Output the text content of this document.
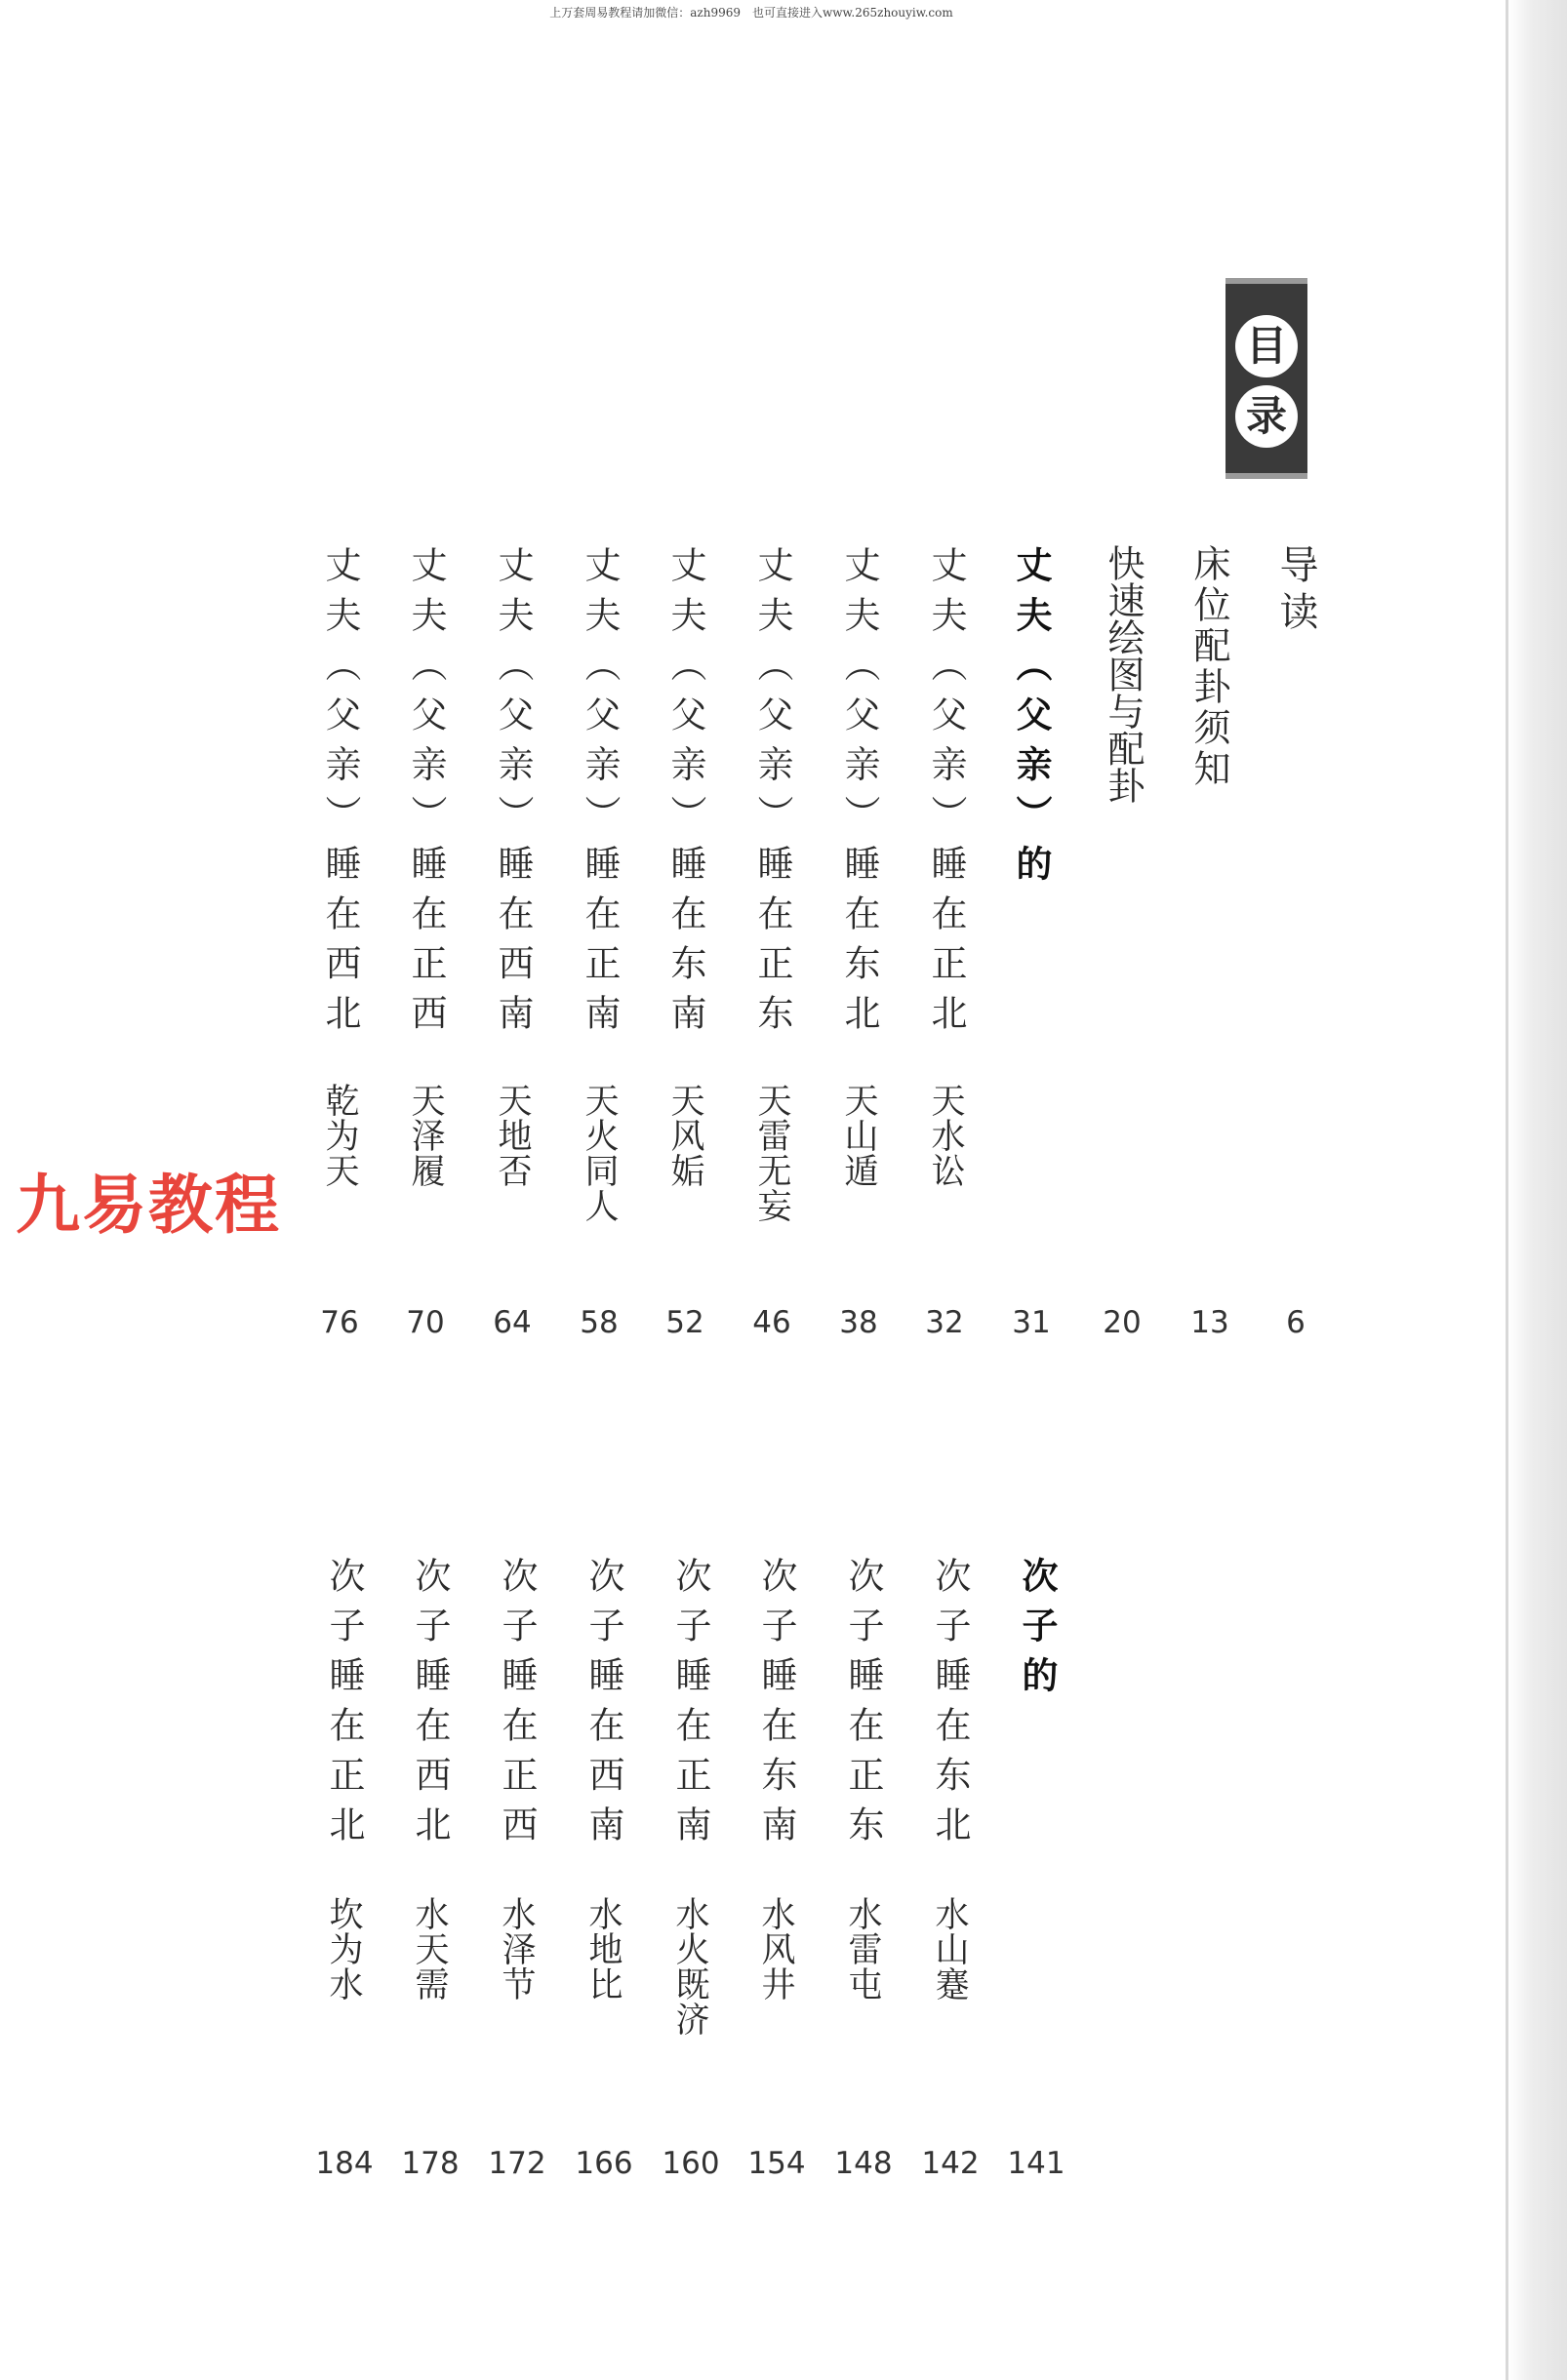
上万套周易教程请加微信：azh9969 也可直接进入www.265zhouyiw.com
目
录
导读
6
床位配卦须知
13
快速绘图与配卦
20
丈夫（父亲）的
31
丈夫（父亲）睡在正北
天水讼
32
丈夫（父亲）睡在东北
天山遁
38
丈夫（父亲）睡在正东
天雷无妄
46
丈夫（父亲）睡在东南
天风姤
52
丈夫（父亲）睡在正南
天火同人
58
丈夫（父亲）睡在西南
天地否
64
丈夫（父亲）睡在正西
天泽履
70
丈夫（父亲）睡在西北
乾为天
76
九易教程
次子的
141
次子睡在东北
水山蹇
142
次子睡在正东
水雷屯
148
次子睡在东南
水风井
154
次子睡在正南
水火既济
160
次子睡在西南
水地比
166
次子睡在正西
水泽节
172
次子睡在西北
水天需
178
次子睡在正北
坎为水
184
